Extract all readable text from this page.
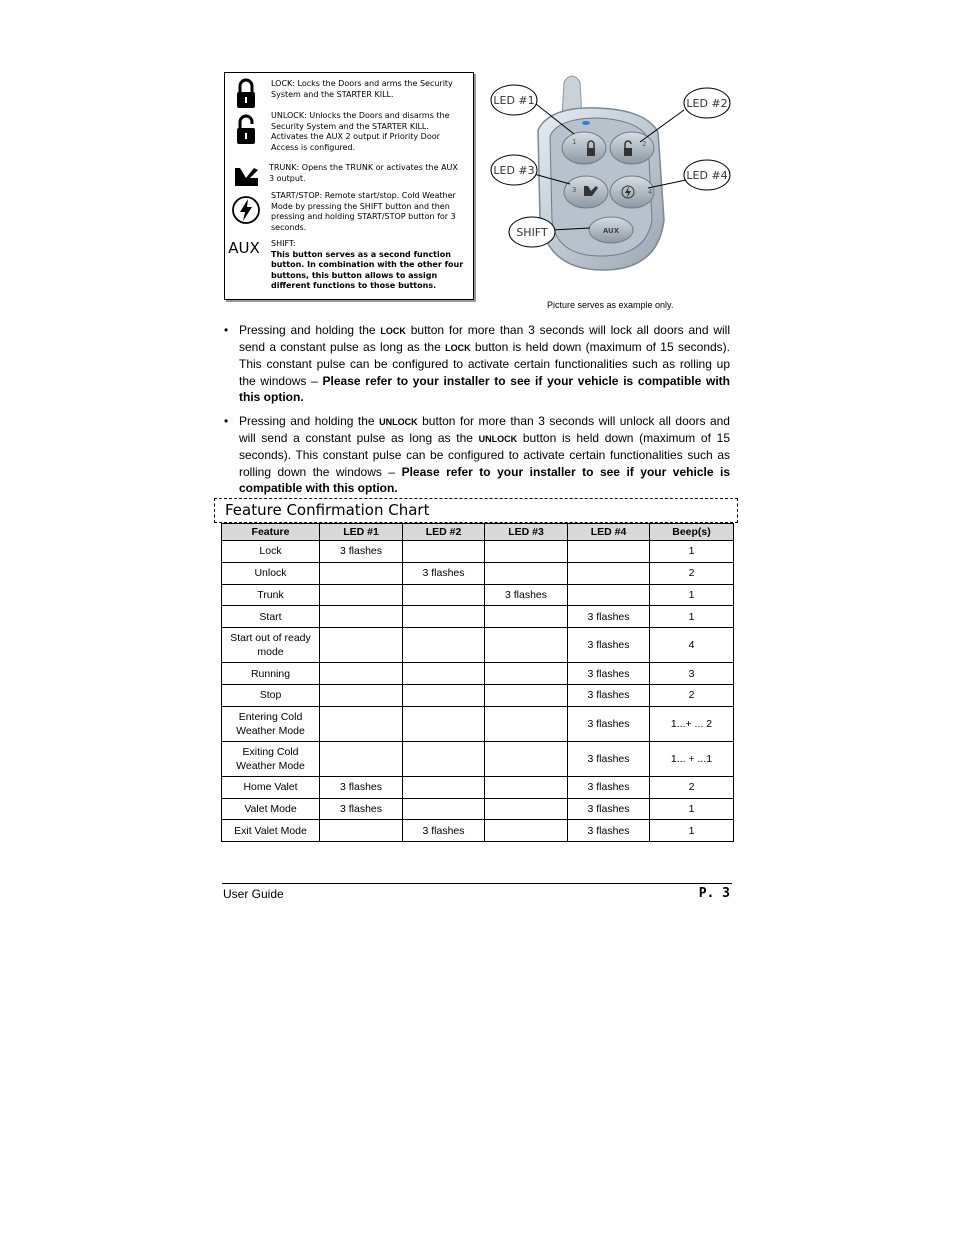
LOCK: Locks the Doors and arms the Security System and the STARTER KILL.
UNLOCK: Unlocks the Doors and disarms the Security System and the STARTER KILL. Activates the AUX 2 output if Priority Door Access is configured.
TRUNK: Opens the TRUNK or activates the AUX 3 output.
START/STOP: Remote start/stop. Cold Weather Mode by pressing the SHIFT button and then pressing and holding START/STOP button for 3 seconds.
AUX SHIFT:
This button serves as a second function button. In combination with the other four buttons, this button allows to assign different functions to those buttons.
1	2
3	4
AUX
LED #1	LED #2
LED #3	LED #4
SHIFT
Picture serves as example only.
• Pressing and holding the LOCK button for more than 3 seconds will lock all doors and will send a constant pulse as long as the LOCK button is held down (maximum of 15 seconds). This constant pulse can be configured to activate certain functionalities such as rolling up the windows – Please refer to your installer to see if your vehicle is compatible with this option.
• Pressing and holding the UNLOCK button for more than 3 seconds will unlock all doors and will send a constant pulse as long as the UNLOCK button is held down (maximum of 15 seconds). This constant pulse can be configured to activate certain functionalities such as rolling down the windows – Please refer to your installer to see if your vehicle is compatible with this option.
Feature Confirmation Chart
Feature	LED #1	LED #2	LED #3	LED #4	Beep(s)
Lock	3 flashes				1
Unlock		3 flashes			2
Trunk			3 flashes		1
Start				3 flashes	1
Start out of ready mode				3 flashes	4
Running				3 flashes	3
Stop				3 flashes	2
Entering Cold Weather Mode				3 flashes	1...+ ... 2
Exiting Cold Weather Mode				3 flashes	1... + ...1
Home Valet	3 flashes			3 flashes	2
Valet Mode	3 flashes			3 flashes	1
Exit Valet Mode		3 flashes		3 flashes	1
User Guide	P. 3
